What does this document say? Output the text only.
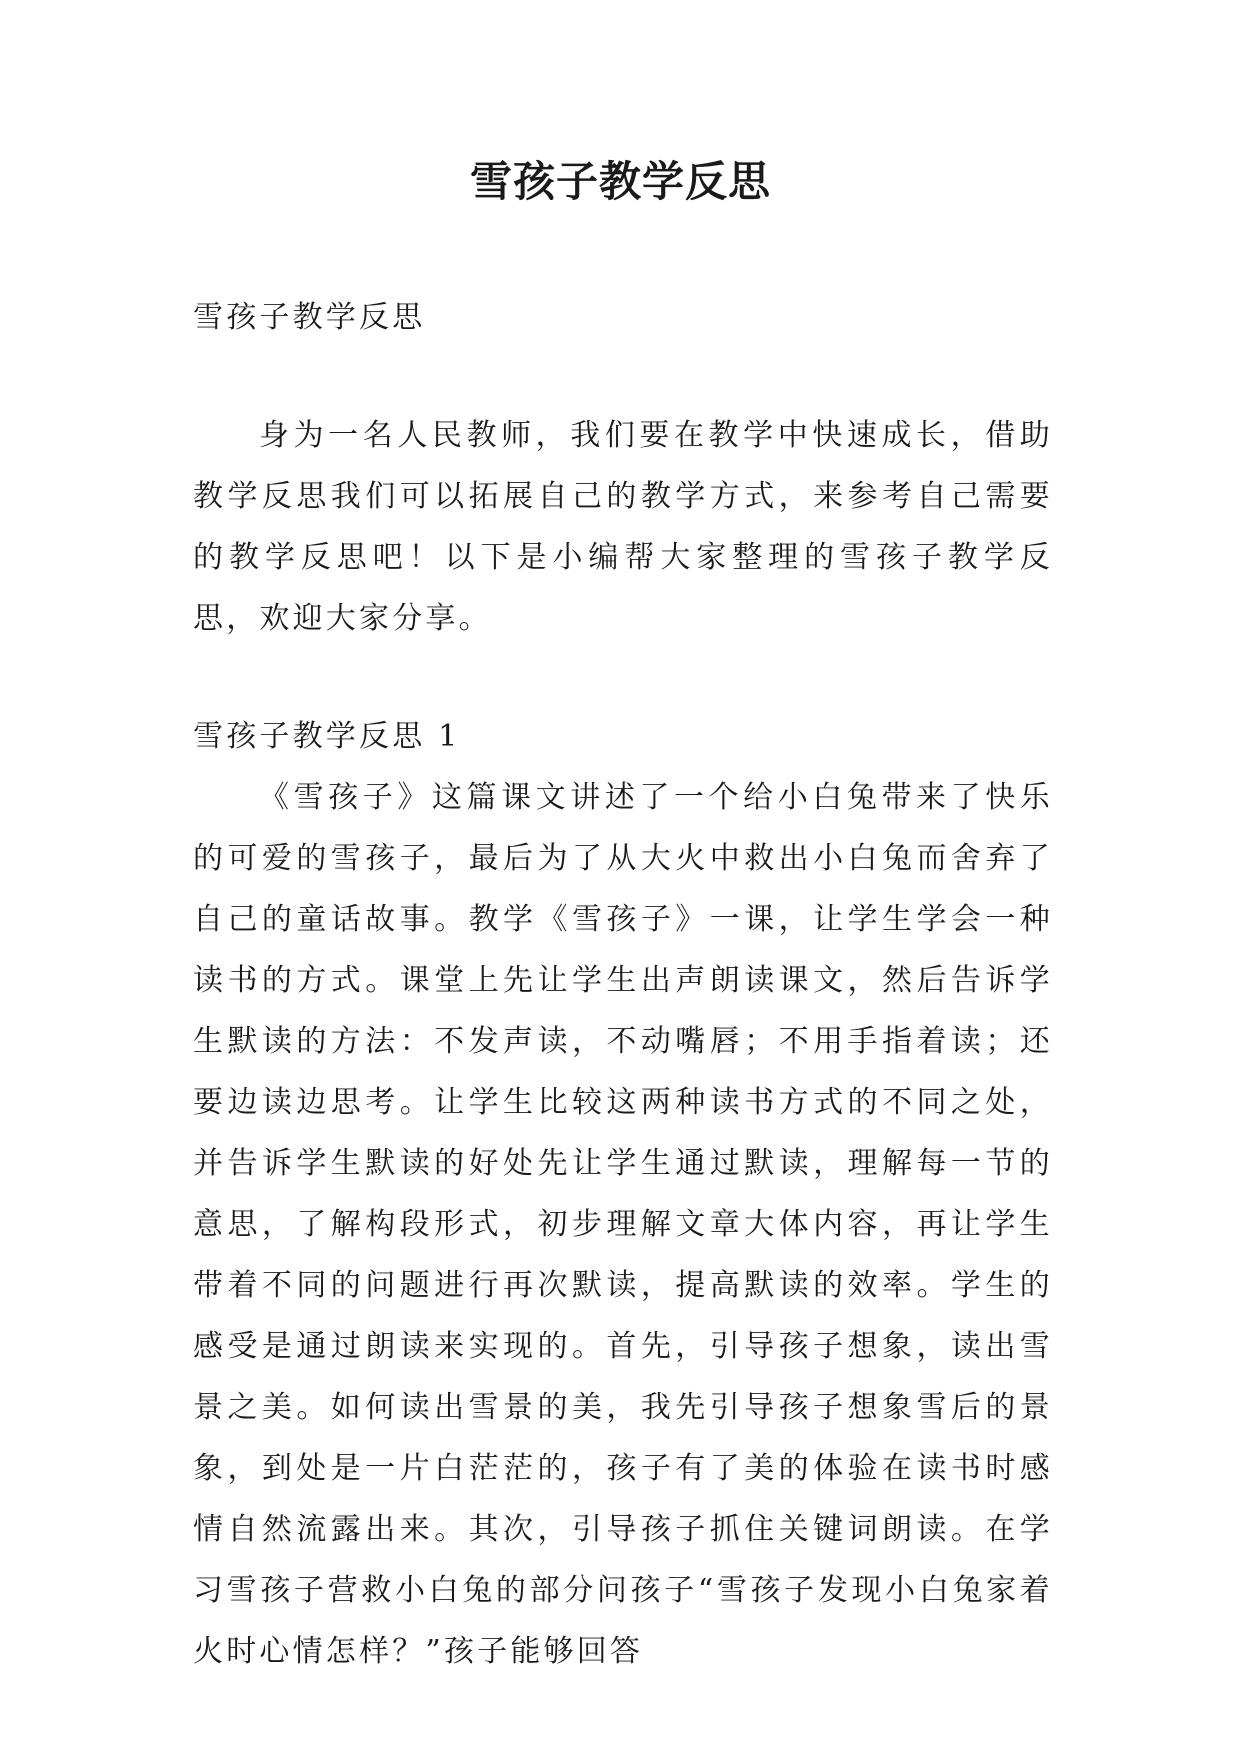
雪孩子教学反思

雪孩子教学反思

身为一名人民教师，我们要在教学中快速成长，借助教学反思我们可以拓展自己的教学方式，来参考自己需要的教学反思吧！以下是小编帮大家整理的雪孩子教学反思，欢迎大家分享。

雪孩子教学反思 1

《雪孩子》这篇课文讲述了一个给小白兔带来了快乐的可爱的雪孩子，最后为了从大火中救出小白兔而舍弃了自己的童话故事。教学《雪孩子》一课，让学生学会一种读书的方式。课堂上先让学生出声朗读课文，然后告诉学生默读的方法：不发声读，不动嘴唇；不用手指着读；还要边读边思考。让学生比较这两种读书方式的不同之处，并告诉学生默读的好处先让学生通过默读，理解每一节的意思，了解构段形式，初步理解文章大体内容，再让学生带着不同的问题进行再次默读，提高默读的效率。学生的感受是通过朗读来实现的。首先，引导孩子想象，读出雪景之美。如何读出雪景的美，我先引导孩子想象雪后的景象，到处是一片白茫茫的，孩子有了美的体验在读书时感情自然流露出来。其次，引导孩子抓住关键词朗读。在学习雪孩子营救小白兔的部分问孩子“雪孩子发现小白兔家着火时心情怎样？”孩子能够回答
